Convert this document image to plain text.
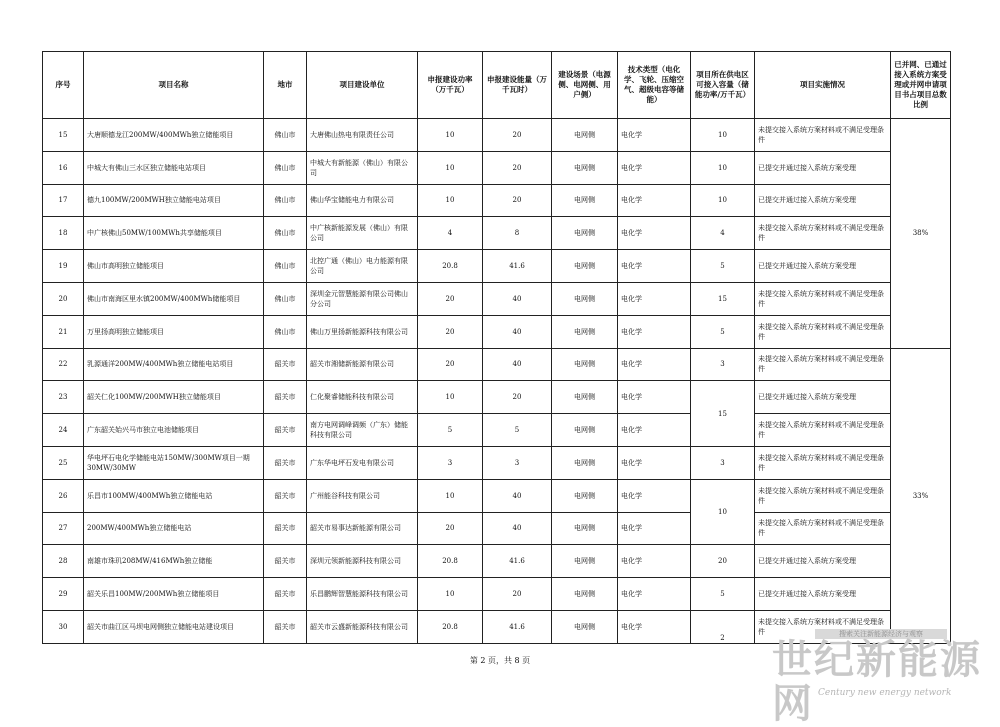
序号	项目名称	地市	项目建设单位	申报建设功率（万千瓦）	申报建设能量（万千瓦时）	建设场景（电源侧、电网侧、用户侧）	技术类型（电化学、飞轮、压缩空气、超级电容等储能）	项目所在供电区可接入容量（储能功率/万千瓦）	项目实施情况	已并网、已通过接入系统方案受理或并网申请项目书占项目总数比例
15	大唐顺德龙江200MW/400MWh独立储能项目	佛山市	大唐佛山热电有限责任公司	10	20	电网侧	电化学	10	未提交接入系统方案材料或不满足受理条件	38%
16	中城大有佛山三水区独立储能电站项目	佛山市	中城大有新能源（佛山）有限公司	10	20	电网侧	电化学	10	已提交并通过接入系统方案受理	
17	德九100MW/200MWH独立储能电站项目	佛山市	佛山华宝储能电力有限公司	10	20	电网侧	电化学	10	已提交并通过接入系统方案受理	
18	中广核佛山50MW/100MWh共享储能项目	佛山市	中广核新能源发展（佛山）有限公司	4	8	电网侧	电化学	4	未提交接入系统方案材料或不满足受理条件	
19	佛山市高明独立储能项目	佛山市	北控广通（佛山）电力能源有限公司	20.8	41.6	电网侧	电化学	5	已提交并通过接入系统方案受理	
20	佛山市南海区里水镇200MW/400MWh储能项目	佛山市	深圳金元智慧能源有限公司佛山分公司	20	40	电网侧	电化学	15	未提交接入系统方案材料或不满足受理条件	
21	万里扬高明独立储能项目	佛山市	佛山万里扬新能源科技有限公司	20	40	电网侧	电化学	5	未提交接入系统方案材料或不满足受理条件	
22	乳源通洋200MW/400MWh独立储能电站项目	韶关市	韶关市湘储新能源有限公司	20	40	电网侧	电化学	3	未提交接入系统方案材料或不满足受理条件	33%
23	韶关仁化100MW/200MWH独立储能项目	韶关市	仁化聚睿储能科技有限公司	10	20	电网侧	电化学	15	已提交并通过接入系统方案受理	
24	广东韶关始兴马市独立电池储能项目	韶关市	南方电网调峰调频（广东）储能科技有限公司	5	5	电网侧	电化学		未提交接入系统方案材料或不满足受理条件	
25	华电坪石电化学储能电站150MW/300MW项目一期30MW/30MW	韶关市	广东华电坪石发电有限公司	3	3	电网侧	电化学	3	未提交接入系统方案材料或不满足受理条件	
26	乐昌市100MW/400MWh独立储能电站	韶关市	广州能谷科技有限公司	10	40	电网侧	电化学	10	未提交接入系统方案材料或不满足受理条件	
27	200MW/400MWh独立储能电站	韶关市	韶关市易事达新能源有限公司	20	40	电网侧	电化学		未提交接入系统方案材料或不满足受理条件	
28	南雄市珠玑208MW/416MWh独立储能	韶关市	深圳元领新能源科技有限公司	20.8	41.6	电网侧	电化学	20	已提交并通过接入系统方案受理	
29	韶关乐昌100MW/200MWh独立储能项目	韶关市	乐昌鹏辉智慧能源科技有限公司	10	20	电网侧	电化学	5	已提交并通过接入系统方案受理	
30	韶关市曲江区马坝电网侧独立储能电站建设项目	韶关市	韶关市云盛新能源科技有限公司	20.8	41.6	电网侧	电化学	2	未提交接入系统方案材料或不满足受理条件	
第 2 页，共 8 页
搜索关注新能源经济与观察
世纪新能源网 Century new energy network
